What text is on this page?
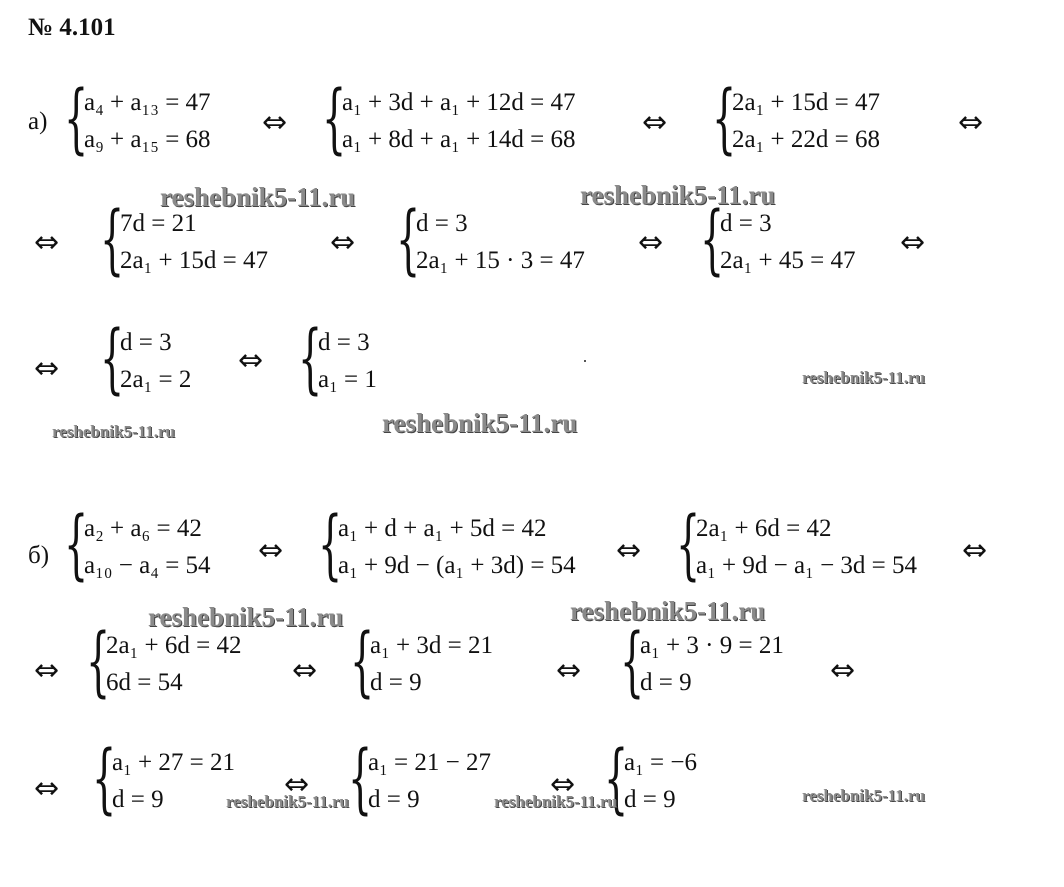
№ 4.101
а) {
a₄ + a₁₃ = 47
a₉ + a₁₅ = 68 ⇔ {
a₁ + 3d + a₁ + 12d = 47
a₁ + 8d + a₁ + 14d = 68 ⇔ {
2a₁ + 15d = 47
2a₁ + 22d = 68	⇔
⇔ {
7d = 21
2a₁ + 15d = 47
⇔ {
d = 3
2a₁ + 15 · 3 = 47
⇔ {
d = 3
2a₁ + 45 = 47
⇔
⇔ {
d = 3
2a₁ = 2
⇔ {
d = 3
a₁ = 1
б) {
a₂ + a₆ = 42
a₁₀ − a₄ = 54 ⇔ {
a₁ + d + a₁ + 5d = 42
a₁ + 9d − (a₁ + 3d) = 54 ⇔ {
2a₁ + 6d = 42
a₁ + 9d − a₁ − 3d = 54 ⇔
⇔ {
2a₁ + 6d = 42
6d = 54	⇔ {
a₁ + 3d = 21
d = 9	⇔ {
a₁ + 3 · 9 = 21
d = 9	⇔
⇔ {
a₁ + 27 = 21
d = 9	⇔ {
a₁ = 21 − 27
d = 9	⇔ {
a₁ = −6
d = 9
reshebnik5-11.ru	reshebnik5-11.ru
reshebnik5-11.ru
reshebnik5-11.ru	reshebnik5-11.ru
reshebnik5-11.ru	reshebnik5-11.ru
reshebnik5-11.ru	reshebnik5-11.ru	reshebnik5-11.ru
